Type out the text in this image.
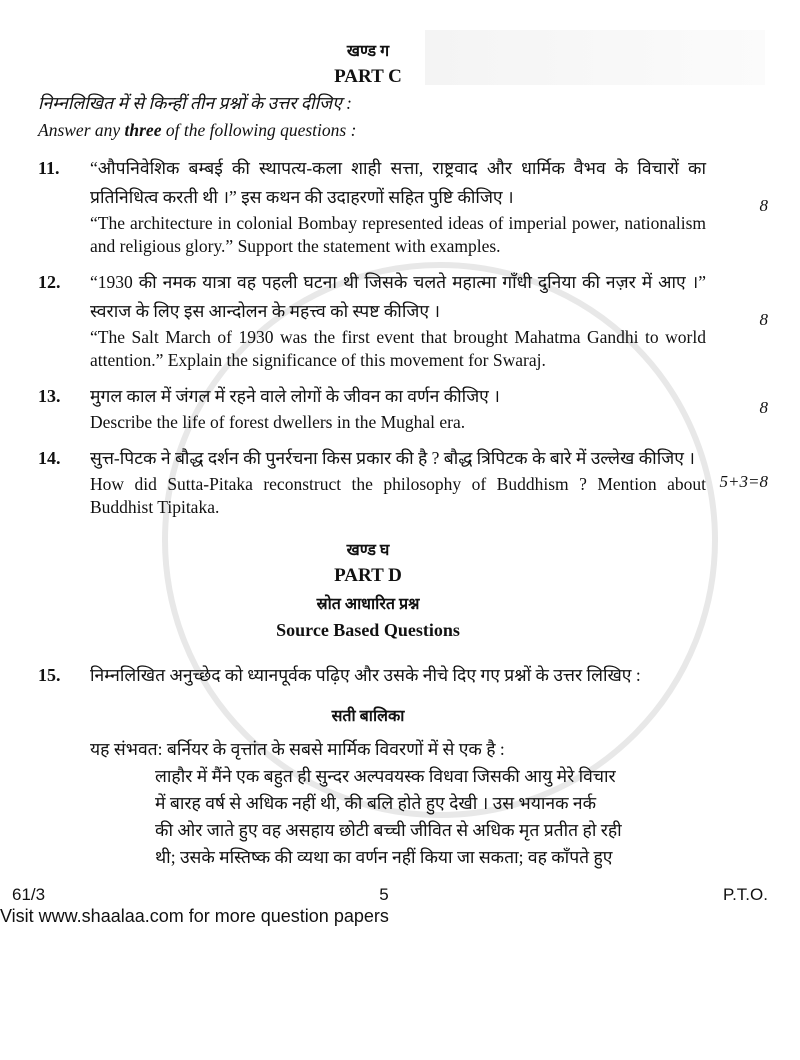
खण्ड ग
PART C
निम्नलिखित में से किन्हीं तीन प्रश्नों के उत्तर दीजिए :
Answer any three of the following questions :
11.	“औपनिवेशिक बम्बई की स्थापत्य-कला शाही सत्ता, राष्ट्रवाद और धार्मिक वैभव के विचारों का प्रतिनिधित्व करती थी ।” इस कथन की उदाहरणों सहित पुष्टि कीजिए ।

“The architecture in colonial Bombay represented ideas of imperial power, nationalism and religious glory.” Support the statement with examples.

8
12.	“1930 की नमक यात्रा वह पहली घटना थी जिसके चलते महात्मा गाँधी दुनिया की नज़र में आए ।” स्वराज के लिए इस आन्दोलन के महत्त्व को स्पष्ट कीजिए ।

“The Salt March of 1930 was the first event that brought Mahatma Gandhi to world attention.” Explain the significance of this movement for Swaraj.

8
13.	मुगल काल में जंगल में रहने वाले लोगों के जीवन का वर्णन कीजिए ।

Describe the life of forest dwellers in the Mughal era.

8
14.	सुत्त-पिटक ने बौद्ध दर्शन की पुनर्रचना किस प्रकार की है ? बौद्ध त्रिपिटक के बारे में उल्लेख कीजिए ।

How did Sutta-Pitaka reconstruct the philosophy of Buddhism ? Mention about Buddhist Tipitaka.

5+3=8
खण्ड घ
PART D
स्रोत आधारित प्रश्न
Source Based Questions
15.	निम्नलिखित अनुच्छेद को ध्यानपूर्वक पढ़िए और उसके नीचे दिए गए प्रश्नों के उत्तर लिखिए :
सती बालिका
यह संभवत: बर्नियर के वृत्तांत के सबसे मार्मिक विवरणों में से एक है :
लाहौर में मैंने एक बहुत ही सुन्दर अल्पवयस्क विधवा जिसकी आयु मेरे विचार
में बारह वर्ष से अधिक नहीं थी, की बलि होते हुए देखी । उस भयानक नर्क
की ओर जाते हुए वह असहाय छोटी बच्ची जीवित से अधिक मृत प्रतीत हो रही
थी; उसके मस्तिष्क की व्यथा का वर्णन नहीं किया जा सकता; वह काँपते हुए
61/3	5	P.T.O.
Visit www.shaalaa.com for more question papers
